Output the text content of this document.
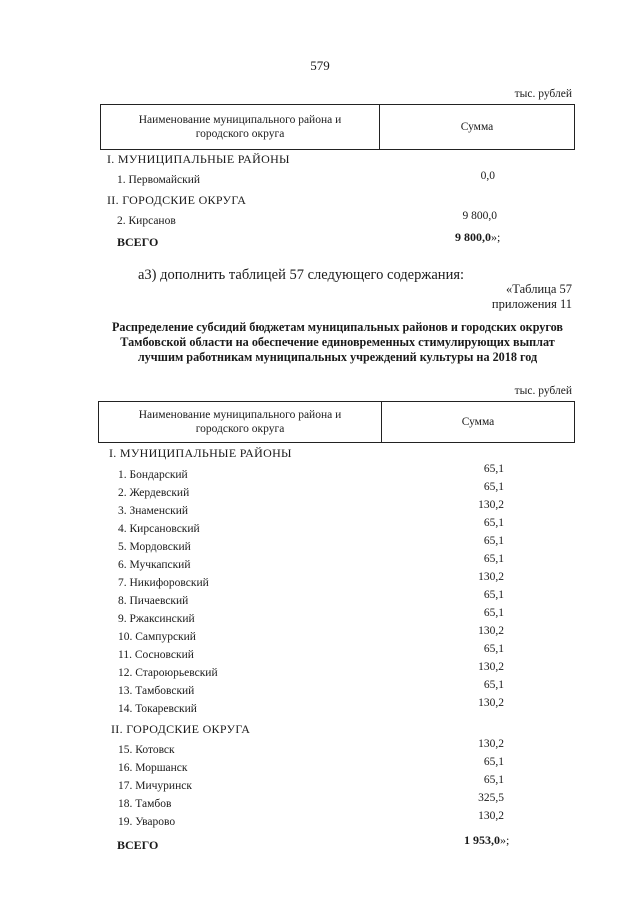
579
тыс. рублей
Наименование муниципального района и городского округа
Сумма
I. МУНИЦИПАЛЬНЫЕ РАЙОНЫ
1. Первомайский	0,0
II. ГОРОДСКИЕ ОКРУГА
2. Кирсанов	9 800,0
ВСЕГО	9 800,0»;
а3) дополнить таблицей 57 следующего содержания:
«Таблица 57
приложения 11
Распределение субсидий бюджетам муниципальных районов и городских округов Тамбовской области на обеспечение единовременных стимулирующих выплат лучшим работникам муниципальных учреждений культуры на 2018 год
тыс. рублей
Наименование муниципального района и городского округа
Сумма
I. МУНИЦИПАЛЬНЫЕ РАЙОНЫ
1. Бондарский	65,1
2. Жердевский	65,1
3. Знаменский	130,2
4. Кирсановский	65,1
5. Мордовский	65,1
6. Мучкапский	65,1
7. Никифоровский	130,2
8. Пичаевский	65,1
9. Ржаксинский	65,1
10. Сампурский	130,2
11. Сосновский	65,1
12. Староюрьевский	130,2
13. Тамбовский	65,1
14. Токаревский	130,2
II. ГОРОДСКИЕ ОКРУГА
15. Котовск	130,2
16. Моршанск	65,1
17. Мичуринск	65,1
18. Тамбов	325,5
19. Уварово	130,2
ВСЕГО	1 953,0»;
